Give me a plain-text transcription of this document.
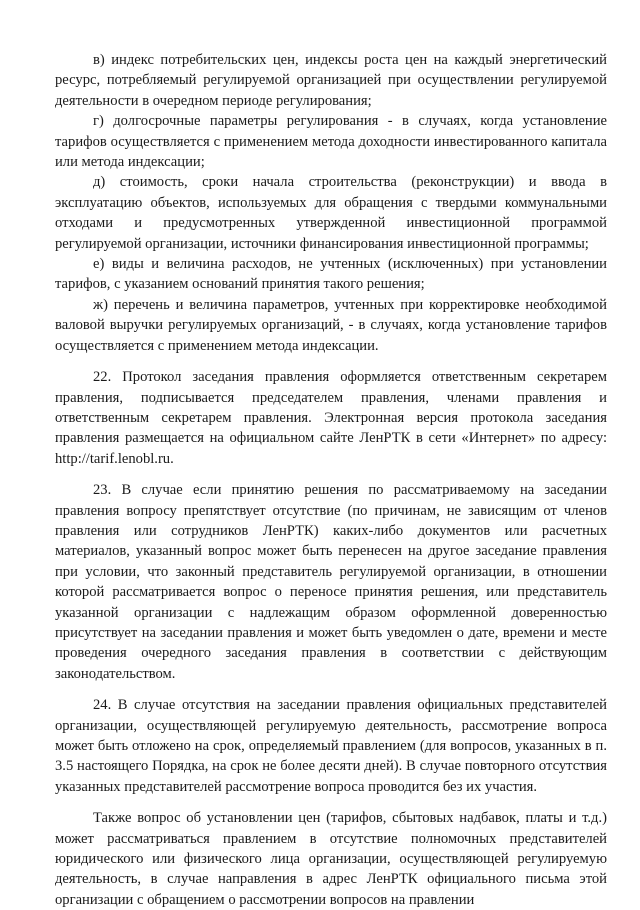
в) индекс потребительских цен, индексы роста цен на каждый энергетический ресурс, потребляемый регулируемой организацией при осуществлении регулируемой деятельности в очередном периоде регулирования;

г) долгосрочные параметры регулирования - в случаях, когда установление тарифов осуществляется с применением метода доходности инвестированного капитала или метода индексации;

д) стоимость, сроки начала строительства (реконструкции) и ввода в эксплуатацию объектов, используемых для обращения с твердыми коммунальными отходами и предусмотренных утвержденной инвестиционной программой регулируемой организации, источники финансирования инвестиционной программы;

е) виды и величина расходов, не учтенных (исключенных) при установлении тарифов, с указанием оснований принятия такого решения;

ж) перечень и величина параметров, учтенных при корректировке необходимой валовой выручки регулируемых организаций, - в случаях, когда установление тарифов осуществляется с применением метода индексации.

22. Протокол заседания правления оформляется ответственным секретарем правления, подписывается председателем правления, членами правления и ответственным секретарем правления. Электронная версия протокола заседания правления размещается на официальном сайте ЛенРТК в сети «Интернет» по адресу: http://tarif.lenobl.ru.

23. В случае если принятию решения по рассматриваемому на заседании правления вопросу препятствует отсутствие (по причинам, не зависящим от членов правления или сотрудников ЛенРТК) каких-либо документов или расчетных материалов, указанный вопрос может быть перенесен на другое заседание правления при условии, что законный представитель регулируемой организации, в отношении которой рассматривается вопрос о переносе принятия решения, или представитель указанной организации с надлежащим образом оформленной доверенностью присутствует на заседании правления и может быть уведомлен о дате, времени и месте проведения очередного заседания правления в соответствии с действующим законодательством.

24. В случае отсутствия на заседании правления официальных представителей организации, осуществляющей регулируемую деятельность, рассмотрение вопроса может быть отложено на срок, определяемый правлением (для вопросов, указанных в п. 3.5 настоящего Порядка, на срок не более десяти дней). В случае повторного отсутствия указанных представителей рассмотрение вопроса проводится без их участия.

Также вопрос об установлении цен (тарифов, сбытовых надбавок, платы и т.д.) может рассматриваться правлением в отсутствие полномочных представителей юридического или физического лица организации, осуществляющей регулируемую деятельность, в случае направления в адрес ЛенРТК официального письма этой организации с обращением о рассмотрении вопросов на правлении
